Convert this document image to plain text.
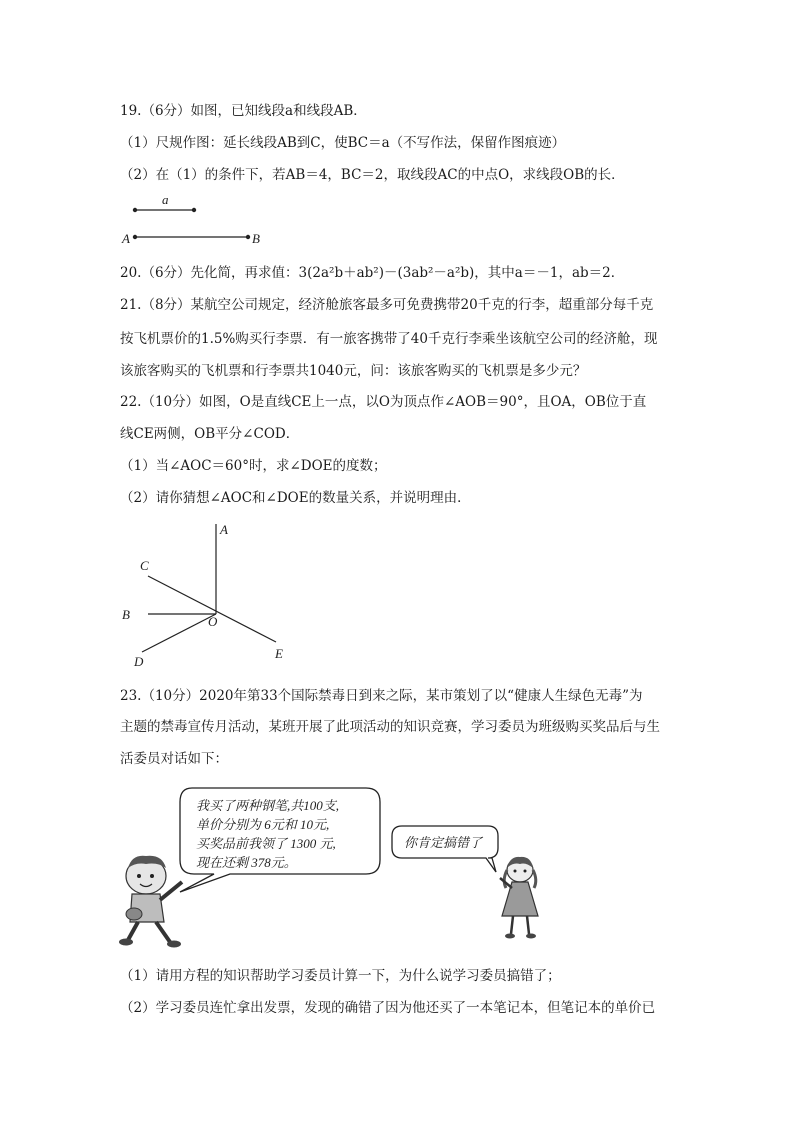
19.（6分）如图，已知线段a和线段AB．
（1）尺规作图：延长线段AB到C，使BC＝a（不写作法，保留作图痕迹）
（2）在（1）的条件下，若AB＝4，BC＝2，取线段AC的中点O，求线段OB的长．
a
A	B
20.（6分）先化简，再求值：3(2a²b＋ab²)－(3ab²－a²b)，其中a＝－1，ab＝2．
21.（8分）某航空公司规定，经济舱旅客最多可免费携带20千克的行李，超重部分每千克
按飞机票价的1.5%购买行李票．有一旅客携带了40千克行李乘坐该航空公司的经济舱，现
该旅客购买的飞机票和行李票共1040元，问：该旅客购买的飞机票是多少元？
22.（10分）如图，O是直线CE上一点，以O为顶点作∠AOB＝90°，且OA，OB位于直
线CE两侧，OB平分∠COD．
（1）当∠AOC＝60°时，求∠DOE的度数；
（2）请你猜想∠AOC和∠DOE的数量关系，并说明理由．
A
C
B	O
E
D
23.（10分）2020年第33个国际禁毒日到来之际，某市策划了以“健康人生绿色无毒”为
主题的禁毒宣传月活动，某班开展了此项活动的知识竞赛，学习委员为班级购买奖品后与生
活委员对话如下：
我买了两种钢笔,共100支,
单价分别为 6元和 10元,
买奖品前我领了 1300 元,
现在还剩 378元。
你肯定搞错了
（1）请用方程的知识帮助学习委员计算一下，为什么说学习委员搞错了；
（2）学习委员连忙拿出发票，发现的确错了因为他还买了一本笔记本，但笔记本的单价已
